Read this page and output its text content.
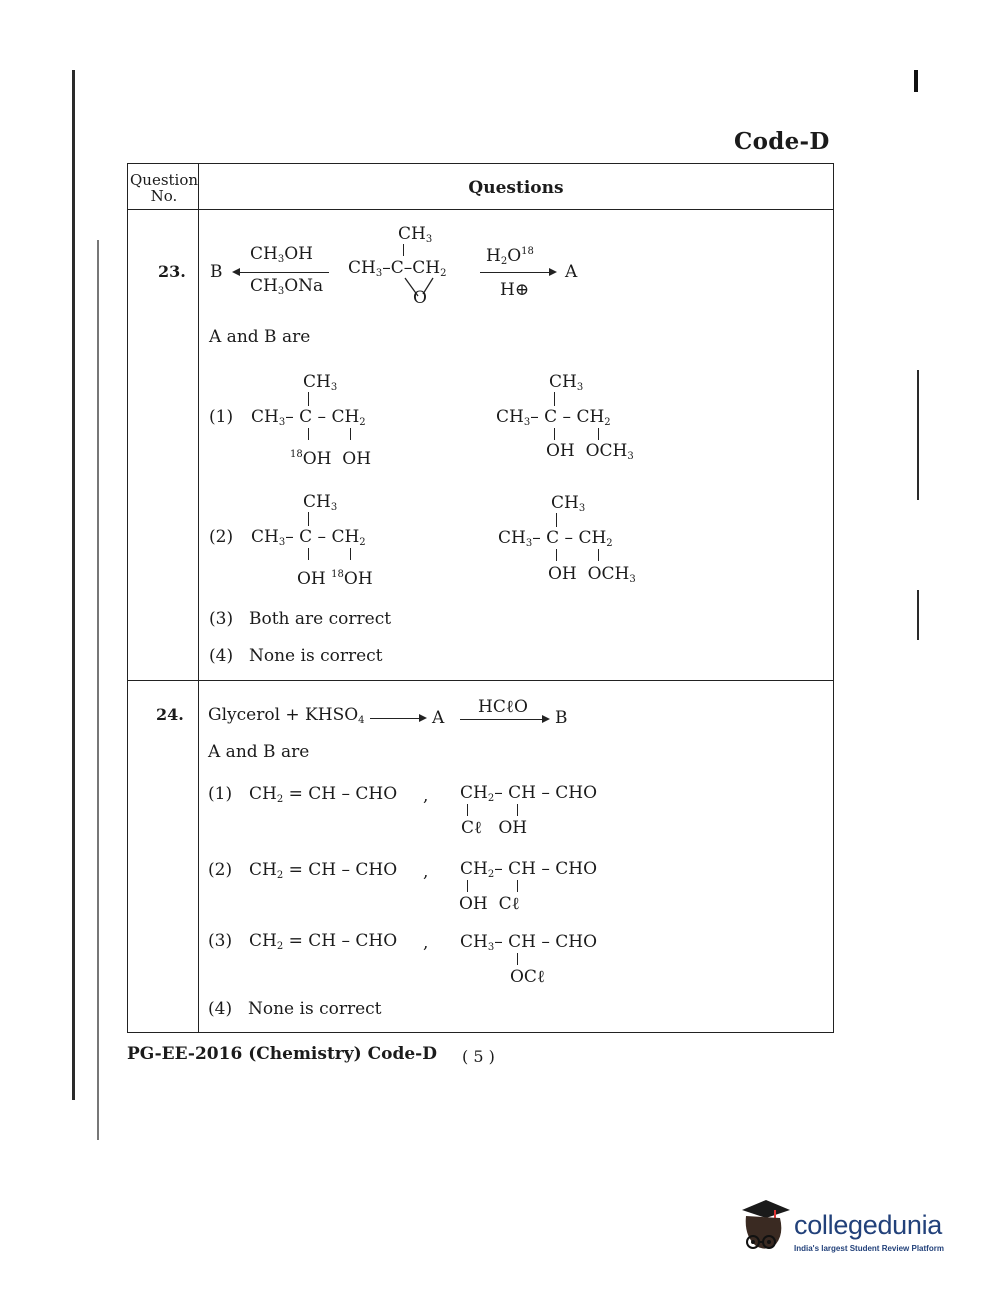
Code-D
Question No.	Questions
23. B
$CH_3OH$
$CH_3ONa$
$CH_3$
$CH_3-C-CH_2$
O
$H_2O^{18}$
H⊕
A
A and B are
(1)
$CH_3$
$CH_3-$ C – $CH_2$
$^{18}$OH  OH
$CH_3$
$CH_3-$ C – $CH_2$
OH  $OCH_3$
(2)
$CH_3$
$CH_3-$ C – $CH_2$
OH $^{18}$OH
$CH_3$
$CH_3-$ C – $CH_2$
OH  $OCH_3$
(3) Both are correct
(4) None is correct
24. Glycerol + $KHSO_4 \to A$
HCℓO
B
A and B are
(1) $CH_2$ = CH – CHO , $CH_2-$ CH – CHO
Cℓ   OH
(2) $CH_2$ = CH – CHO , $CH_2-$ CH – CHO
OH  Cℓ
(3) $CH_2$ = CH – CHO , $CH_3-$ CH – CHO
OCℓ
(4) None is correct
PG-EE-2016 (Chemistry) Code-D ( 5 )
collegedunia
India's largest Student Review Platform
